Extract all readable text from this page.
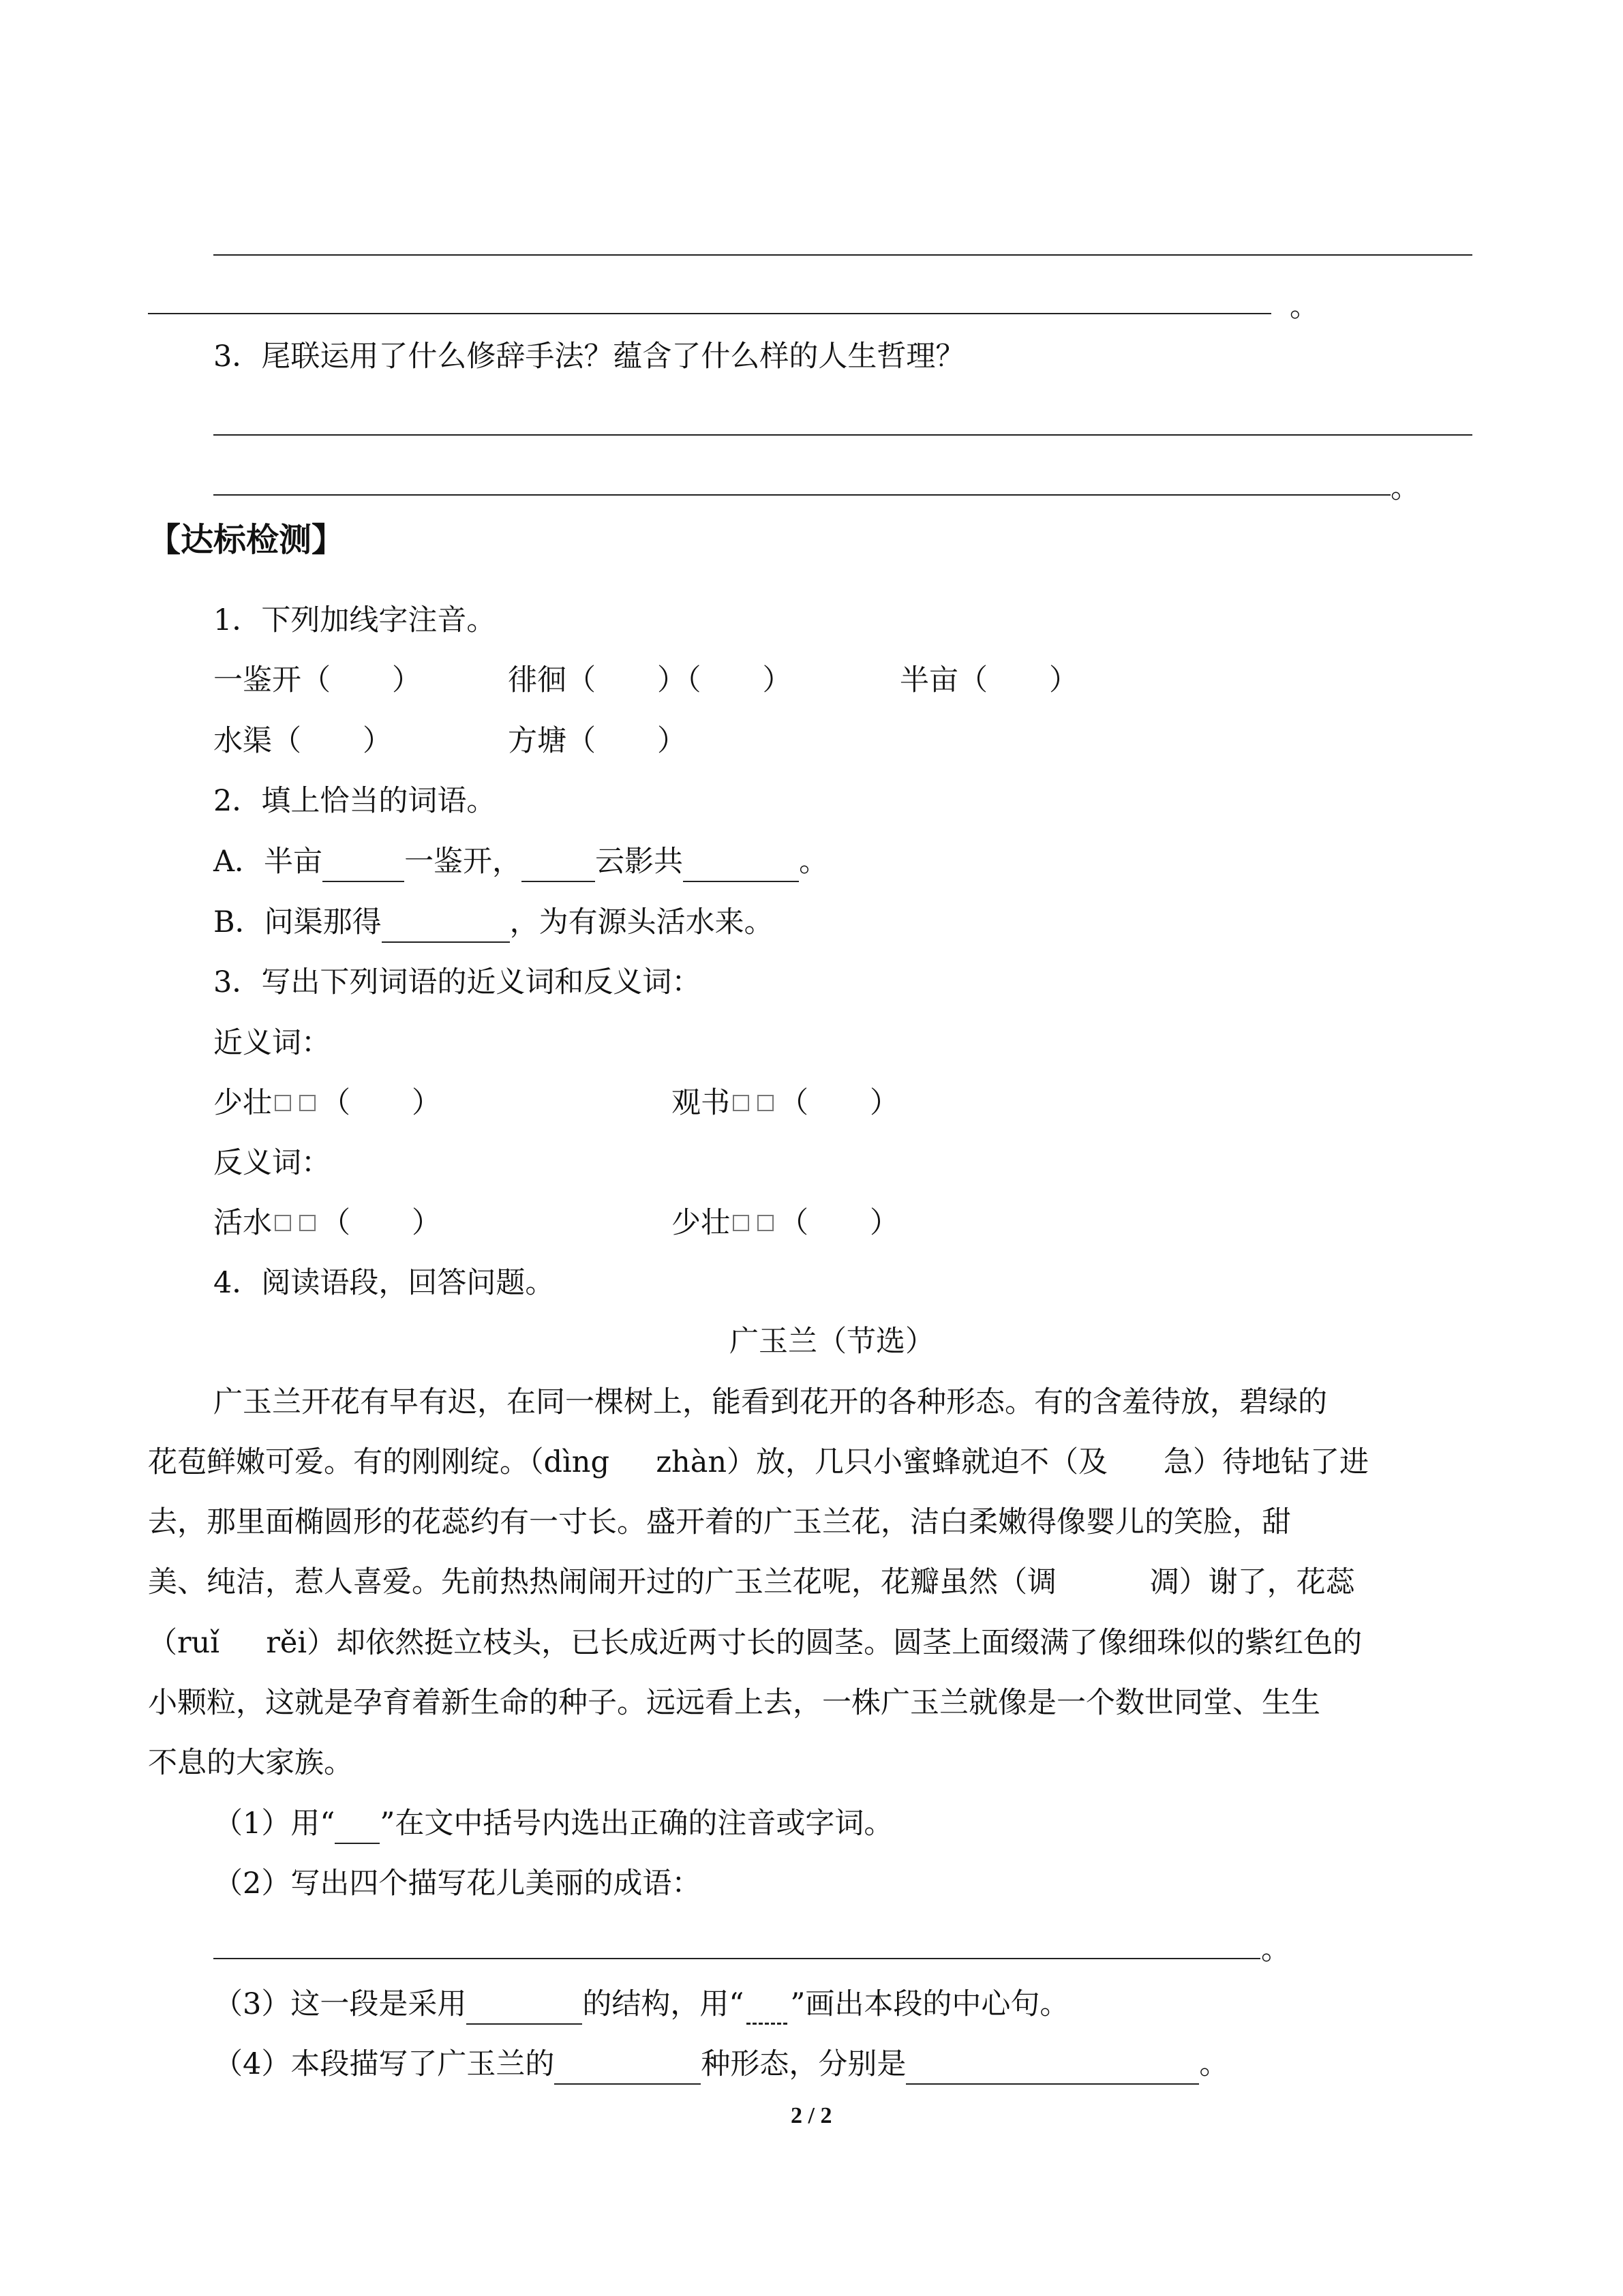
。
3．尾联运用了什么修辞手法？蕴含了什么样的人生哲理？
。
【达标检测】
1．下列加线字注音。
一鉴开（ ）	徘徊（ ）（ ）	半亩（ ）
水渠（ ）	方塘（ ）
2．填上恰当的词语。
A．半亩	一鉴开，	云影共	。
B．问渠那得	，为有源头活水来。
3．写出下列词语的近义词和反义词：
近义词：
少壮 （ ）	观书 （ ）
反义词：
活水 （ ）	少壮 （ ）
4．阅读语段，回答问题。
广玉兰（节选）
广玉兰开花有早有迟，在同一棵树上，能看到花开的各种形态。有的含羞待放，碧绿的
花苞鲜嫩可爱。有的刚刚绽。（dìng     zhàn）放，几只小蜜蜂就迫不（及      急）待地钻了进
去，那里面椭圆形的花蕊约有一寸长。盛开着的广玉兰花，洁白柔嫩得像婴儿的笑脸，甜
美、纯洁，惹人喜爱。先前热热闹闹开过的广玉兰花呢，花瓣虽然（调          凋）谢了，花蕊
（ruǐ     rěi）却依然挺立枝头，已长成近两寸长的圆茎。圆茎上面缀满了像细珠似的紫红色的
小颗粒，这就是孕育着新生命的种子。远远看上去，一株广玉兰就像是一个数世同堂、生生
不息的大家族。
（1）用“ ”在文中括号内选出正确的注音或字词。
（2）写出四个描写花儿美丽的成语：
。
（3）这一段是采用	的结构，用“ ”画出本段的中心句。
（4）本段描写了广玉兰的	种形态，分别是	。
2 / 2
